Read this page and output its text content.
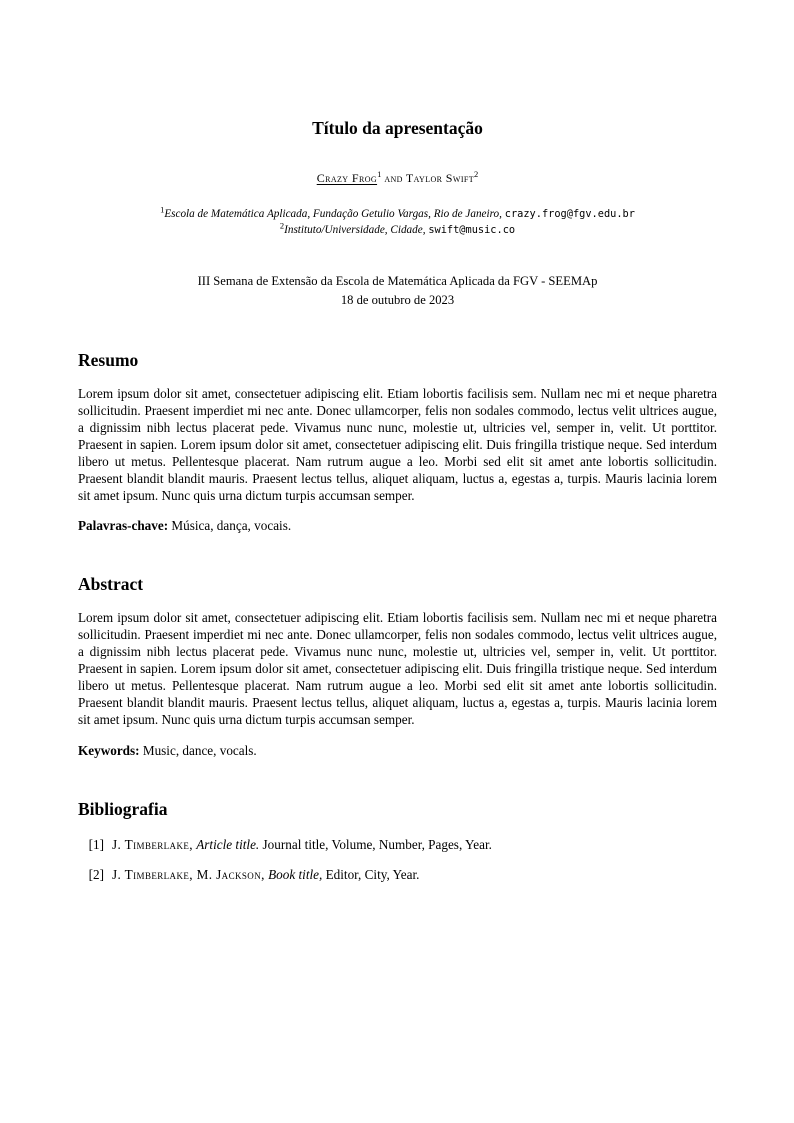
Título da apresentação
Crazy Frog$^1$ and Taylor Swift$^2$
$^1$Escola de Matemática Aplicada, Fundação Getulio Vargas, Rio de Janeiro, crazy.frog@fgv.edu.br
$^2$Instituto/Universidade, Cidade, swift@music.co
III Semana de Extensão da Escola de Matemática Aplicada da FGV - SEEMAp
18 de outubro de 2023
Resumo

Lorem ipsum dolor sit amet, consectetuer adipiscing elit. Etiam lobortis facilisis sem. Nullam nec mi et neque pharetra sollicitudin. Praesent imperdiet mi nec ante. Donec ullamcorper, felis non sodales commodo, lectus velit ultrices augue, a dignissim nibh lectus placerat pede. Vivamus nunc nunc, molestie ut, ultricies vel, semper in, velit. Ut porttitor. Praesent in sapien. Lorem ipsum dolor sit amet, consectetuer adipiscing elit. Duis fringilla tristique neque. Sed interdum libero ut metus. Pellentesque placerat. Nam rutrum augue a leo. Morbi sed elit sit amet ante lobortis sollicitudin. Praesent blandit blandit mauris. Praesent lectus tellus, aliquet aliquam, luctus a, egestas a, turpis. Mauris lacinia lorem sit amet ipsum. Nunc quis urna dictum turpis accumsan semper.

Palavras-chave: Música, dança, vocais.
Abstract

Lorem ipsum dolor sit amet, consectetuer adipiscing elit. Etiam lobortis facilisis sem. Nullam nec mi et neque pharetra sollicitudin. Praesent imperdiet mi nec ante. Donec ullamcorper, felis non sodales commodo, lectus velit ultrices augue, a dignissim nibh lectus placerat pede. Vivamus nunc nunc, molestie ut, ultricies vel, semper in, velit. Ut porttitor. Praesent in sapien. Lorem ipsum dolor sit amet, consectetuer adipiscing elit. Duis fringilla tristique neque. Sed interdum libero ut metus. Pellentesque placerat. Nam rutrum augue a leo. Morbi sed elit sit amet ante lobortis sollicitudin. Praesent blandit blandit mauris. Praesent lectus tellus, aliquet aliquam, luctus a, egestas a, turpis. Mauris lacinia lorem sit amet ipsum. Nunc quis urna dictum turpis accumsan semper.

Keywords: Music, dance, vocals.
Bibliografia
[1] J. Timberlake, Article title. Journal title, Volume, Number, Pages, Year.
[2] J. Timberlake, M. Jackson, Book title, Editor, City, Year.
